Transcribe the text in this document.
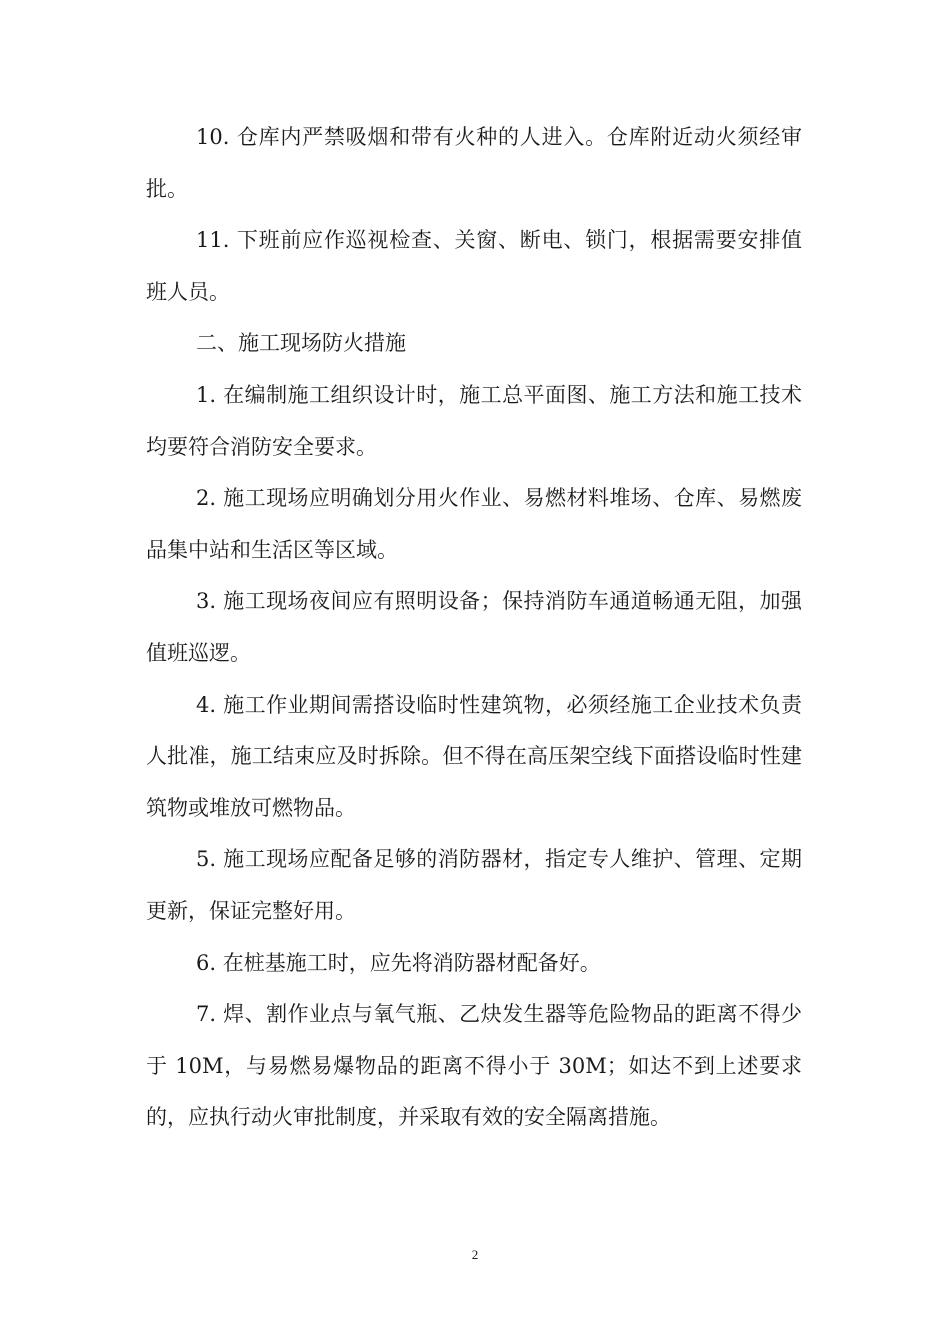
10. 仓库内严禁吸烟和带有火种的人进入。仓库附近动火须经审批。

11. 下班前应作巡视检查、关窗、断电、锁门，根据需要安排值班人员。

二、施工现场防火措施

1. 在编制施工组织设计时，施工总平面图、施工方法和施工技术均要符合消防安全要求。

2. 施工现场应明确划分用火作业、易燃材料堆场、仓库、易燃废品集中站和生活区等区域。

3. 施工现场夜间应有照明设备；保持消防车通道畅通无阻，加强值班巡逻。

4. 施工作业期间需搭设临时性建筑物，必须经施工企业技术负责人批准，施工结束应及时拆除。但不得在高压架空线下面搭设临时性建筑物或堆放可燃物品。

5. 施工现场应配备足够的消防器材，指定专人维护、管理、定期更新，保证完整好用。

6. 在桩基施工时，应先将消防器材配备好。

7. 焊、割作业点与氧气瓶、乙炔发生器等危险物品的距离不得少于 10M，与易燃易爆物品的距离不得小于 30M；如达不到上述要求的，应执行动火审批制度，并采取有效的安全隔离措施。

2
